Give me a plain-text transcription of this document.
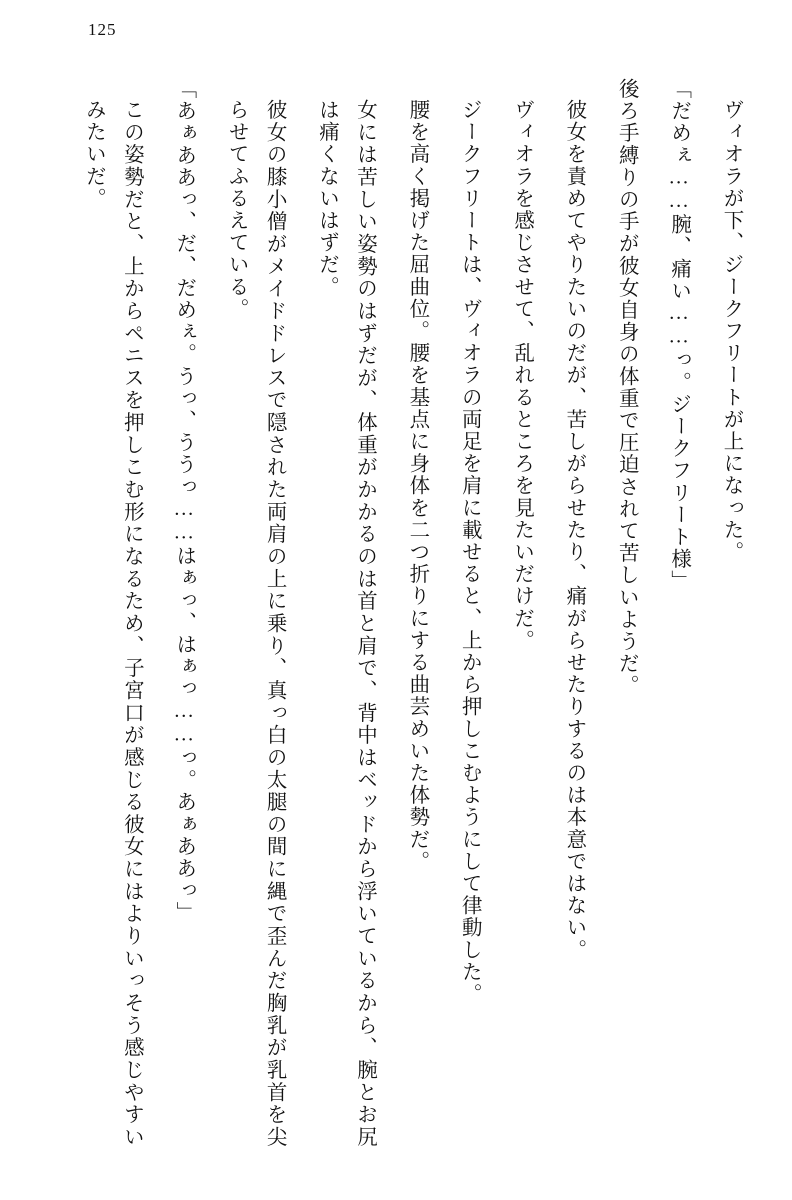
125

ヴィオラが下、ジークフリートが上になった。

「だめぇ……腕、痛い……っ。ジークフリート様」

後ろ手縛りの手が彼女自身の体重で圧迫されて苦しいようだ。

彼女を責めてやりたいのだが、苦しがらせたり、痛がらせたりするのは本意ではない。

ヴィオラを感じさせて、乱れるところを見たいだけだ。

ジークフリートは、ヴィオラの両足を肩に載せると、上から押しこむようにして律動した。

腰を高く掲げた屈曲位。腰を基点に身体を二つ折りにする曲芸めいた体勢だ。

女には苦しい姿勢のはずだが、体重がかかるのは首と肩で、背中はベッドから浮いているから、腕とお尻は痛くないはずだ。

彼女の膝小僧がメイドドレスで隠された両肩の上に乗り、真っ白の太腿の間に縄で歪んだ胸乳が乳首を尖らせてふるえている。

「あぁああっ、だ、だめぇ。うっ、ううっ……はぁっ、はぁっ……っ。あぁああっ」

この姿勢だと、上からペニスを押しこむ形になるため、子宮口が感じる彼女にはよりいっそう感じやすいみたいだ。
